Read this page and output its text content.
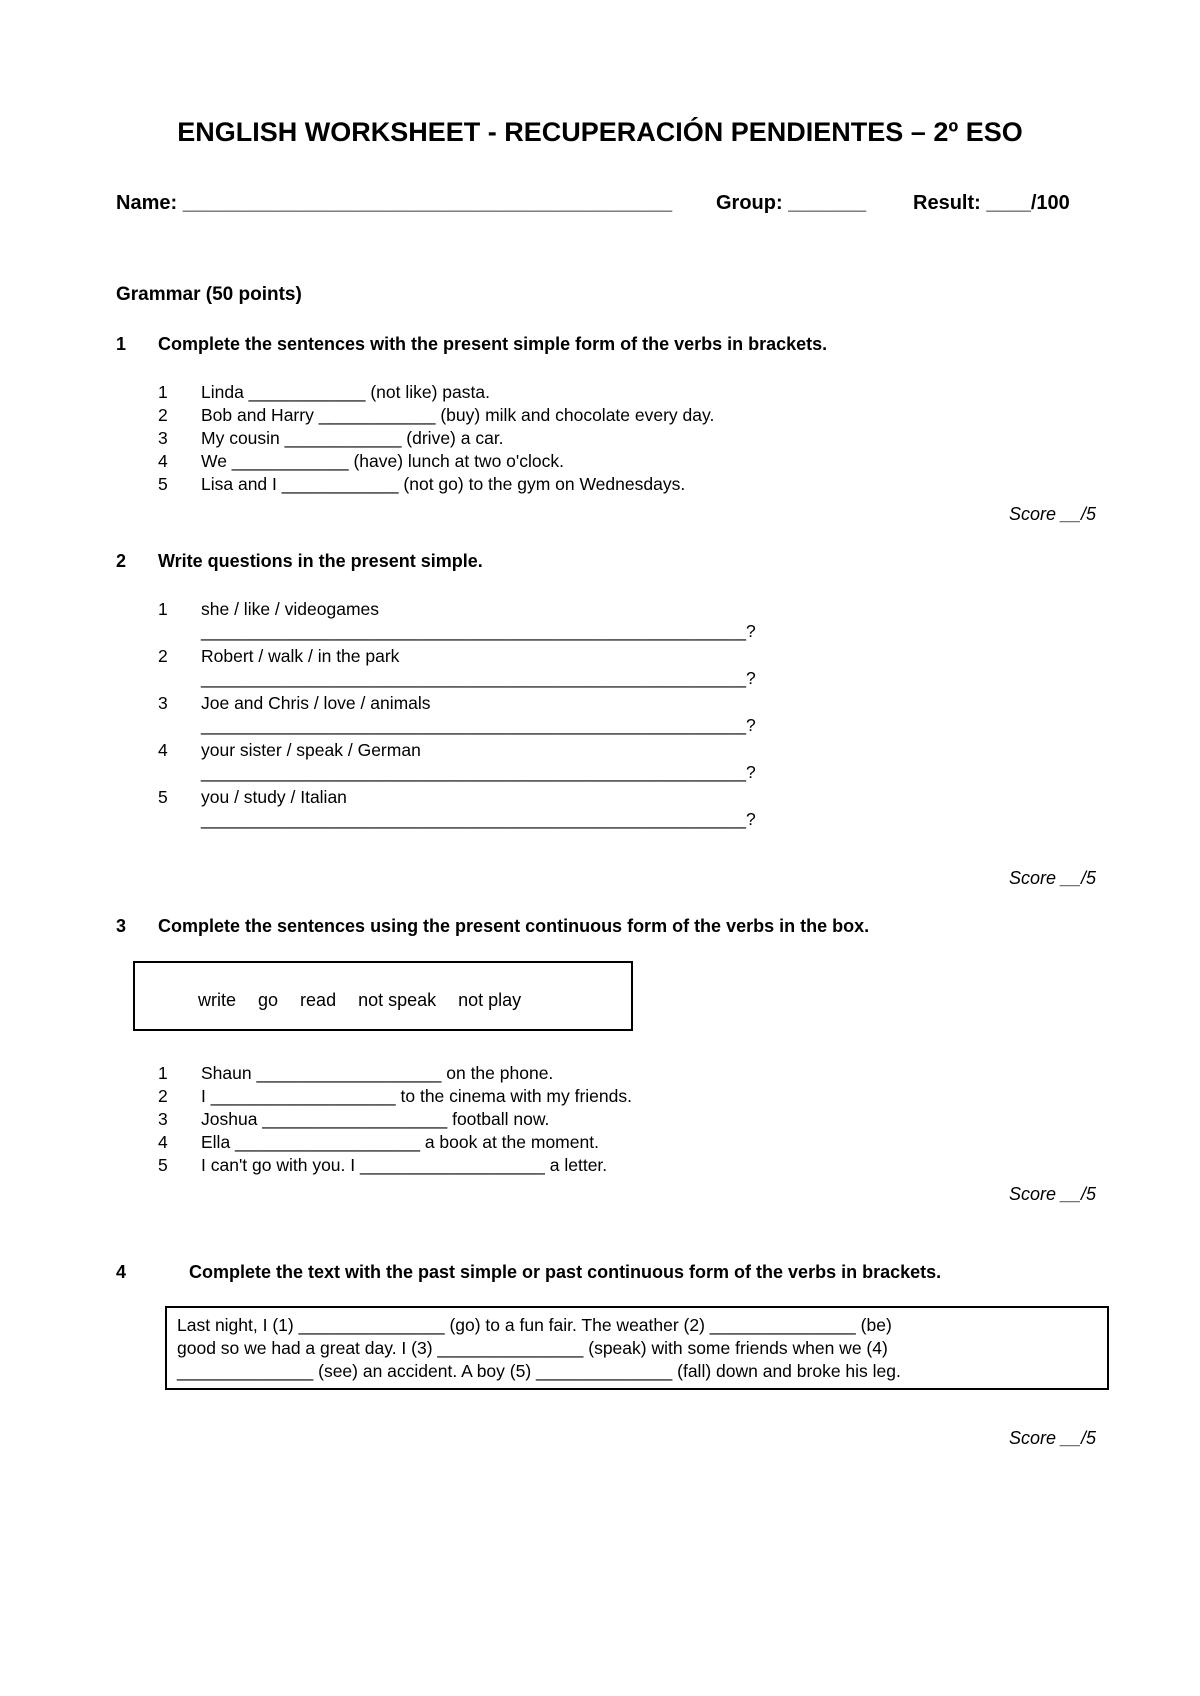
ENGLISH WORKSHEET - RECUPERACIÓN PENDIENTES – 2º ESO
Name: ____________________________________________ Group: _______ Result: ____/100
Grammar (50 points)
1 Complete the sentences with the present simple form of the verbs in brackets.
1 Linda ____________ (not like) pasta.
2 Bob and Harry ____________ (buy) milk and chocolate every day.
3 My cousin ____________ (drive) a car.
4 We ____________ (have) lunch at two o'clock.
5 Lisa and I ____________ (not go) to the gym on Wednesdays.
Score __/5
2 Write questions in the present simple.
1 she / like / videogames
________________________________________________________?
2 Robert / walk / in the park
________________________________________________________?
3 Joe and Chris / love / animals
________________________________________________________?
4 your sister / speak / German
________________________________________________________?
5 you / study / Italian
________________________________________________________?
Score __/5
3 Complete the sentences using the present continuous form of the verbs in the box.
write go read not speak not play
1 Shaun ___________________ on the phone.
2 I ___________________ to the cinema with my friends.
3 Joshua ___________________ football now.
4 Ella ___________________ a book at the moment.
5 I can't go with you. I ___________________ a letter.
Score __/5
4	Complete the text with the past simple or past continuous form of the verbs in brackets.
Last night, I (1) _______________ (go) to a fun fair. The weather (2) _______________ (be)
good so we had a great day. I (3) _______________ (speak) with some friends when we (4)
______________ (see) an accident. A boy (5) ______________ (fall) down and broke his leg.
Score __/5
